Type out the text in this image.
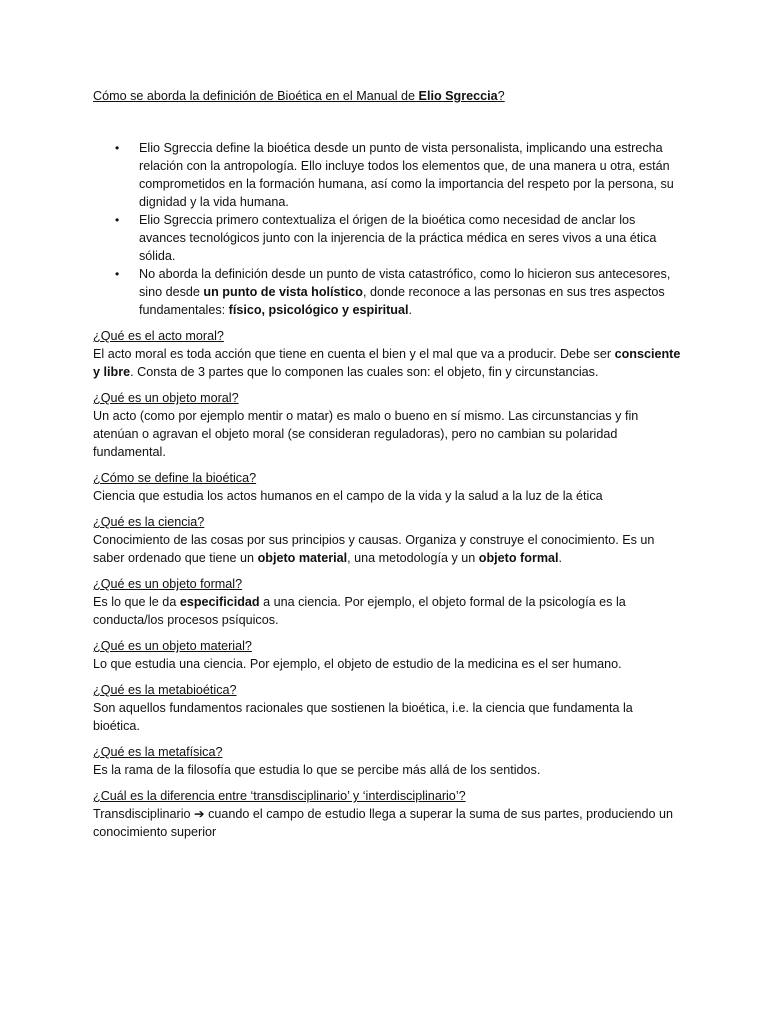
Cómo se aborda la definición de Bioética en el Manual de Elio Sgreccia?

• Elio Sgreccia define la bioética desde un punto de vista personalista, implicando una estrecha relación con la antropología. Ello incluye todos los elementos que, de una manera u otra, están comprometidos en la formación humana, así como la importancia del respeto por la persona, su dignidad y la vida humana.
• Elio Sgreccia primero contextualiza el órigen de la bioética como necesidad de anclar los avances tecnológicos junto con la injerencia de la práctica médica en seres vivos a una ética sólida.
• No aborda la definición desde un punto de vista catastrófico, como lo hicieron sus antecesores, sino desde un punto de vista holístico, donde reconoce a las personas en sus tres aspectos fundamentales: físico, psicológico y espiritual.

¿Qué es el acto moral?

El acto moral es toda acción que tiene en cuenta el bien y el mal que va a producir. Debe ser consciente y libre. Consta de 3 partes que lo componen las cuales son: el objeto, fin y circunstancias.

¿Qué es un objeto moral?

Un acto (como por ejemplo mentir o matar) es malo o bueno en sí mismo. Las circunstancias y fin atenúan o agravan el objeto moral (se consideran reguladoras), pero no cambian su polaridad fundamental.

¿Cómo se define la bioética?

Ciencia que estudia los actos humanos en el campo de la vida y la salud a la luz de la ética

¿Qué es la ciencia?

Conocimiento de las cosas por sus principios y causas. Organiza y construye el conocimiento. Es un saber ordenado que tiene un objeto material, una metodología y un objeto formal.

¿Qué es un objeto formal?

Es lo que le da especificidad a una ciencia. Por ejemplo, el objeto formal de la psicología es la conducta/los procesos psíquicos.

¿Qué es un objeto material?

Lo que estudia una ciencia. Por ejemplo, el objeto de estudio de la medicina es el ser humano.

¿Qué es la metabioética?

Son aquellos fundamentos racionales que sostienen la bioética, i.e. la ciencia que fundamenta la bioética.

¿Qué es la metafísica?

Es la rama de la filosofía que estudia lo que se percibe más allá de los sentidos.

¿Cuál es la diferencia entre ‘transdisciplinario’ y ‘interdisciplinario’?

Transdisciplinario ➔ cuando el campo de estudio llega a superar la suma de sus partes, produciendo un conocimiento superior
